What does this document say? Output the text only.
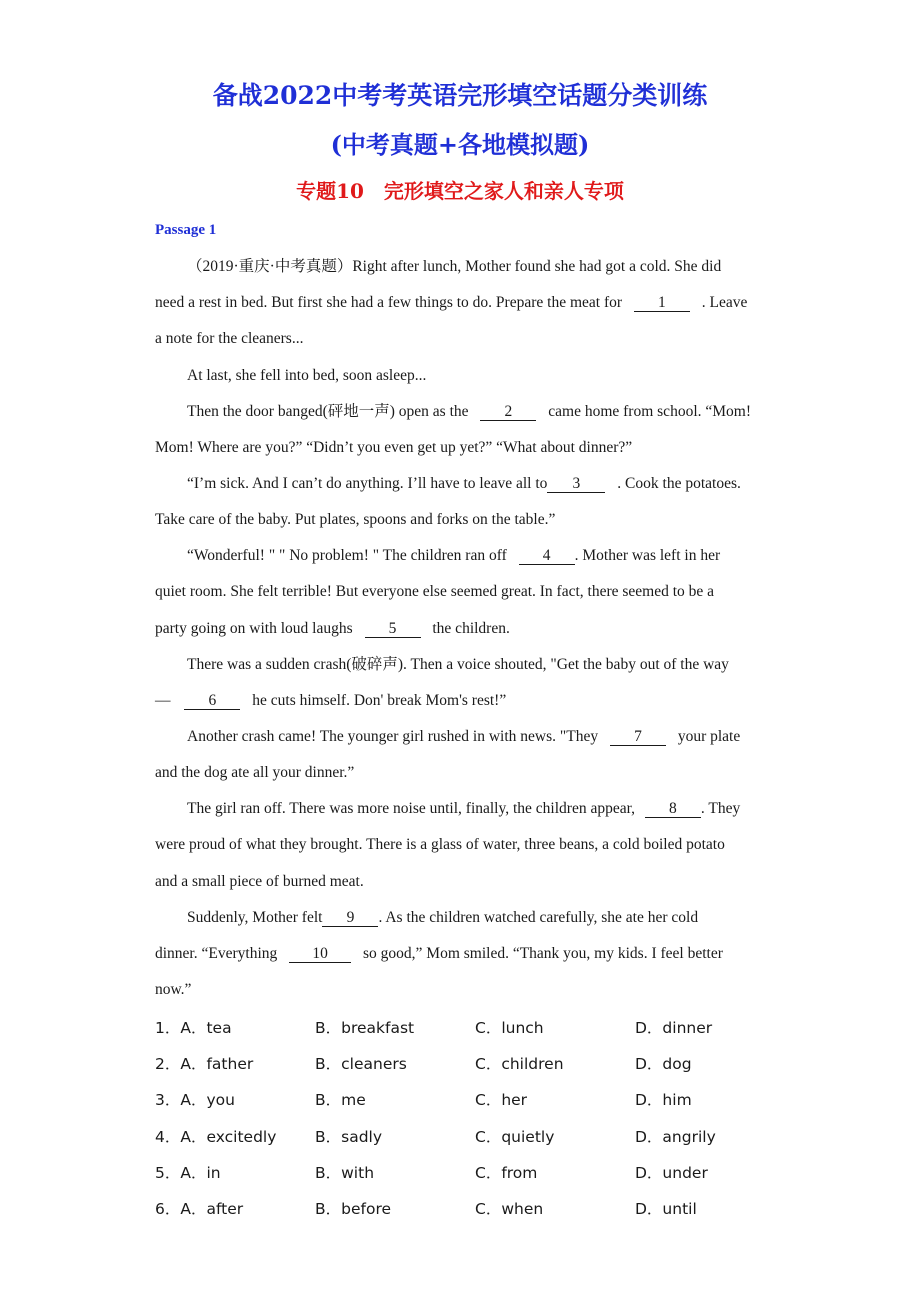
备战2022中考考英语完形填空话题分类训练
(中考真题+各地模拟题)
专题10　完形填空之家人和亲人专项
Passage 1
（2019·重庆·中考真题）Right after lunch, Mother found she had got a cold. She did
need a rest in bed. But first she had a few things to do. Prepare the meat for 1 . Leave
a note for the cleaners...
At last, she fell into bed, soon asleep...
Then the door banged(砰地一声) open as the 2 came home from school. “Mom!
Mom! Where are you?” “Didn’t you even get up yet?” “What about dinner?”
“I’m sick. And I can’t do anything. I’ll have to leave all to 3 . Cook the potatoes.
Take care of the baby. Put plates, spoons and forks on the table.”
“Wonderful! " " No problem! " The children ran off 4 . Mother was left in her
quiet room. She felt terrible! But everyone else seemed great. In fact, there seemed to be a
party going on with loud laughs 5 the children.
There was a sudden crash(破碎声). Then a voice shouted, "Get the baby out of the way
— 6 he cuts himself. Don' break Mom's rest!”
Another crash came! The younger girl rushed in with news. "They 7 your plate
and the dog ate all your dinner.”
The girl ran off. There was more noise until, finally, the children appear, 8 . They
were proud of what they brought. There is a glass of water, three beans, a cold boiled potato
and a small piece of burned meat.
Suddenly, Mother felt 9 . As the children watched carefully, she ate her cold
dinner. “Everything 10 so good,” Mom smiled. “Thank you, my kids. I feel better
now.”
1．A．tea	B．breakfast	C．lunch	D．dinner
2．A．father	B．cleaners	C．children	D．dog
3．A．you	B．me	C．her	D．him
4．A．excitedly B．sadly	C．quietly	D．angrily
5．A．in	B．with	C．from	D．under
6．A．after	B．before	C．when	D．until
